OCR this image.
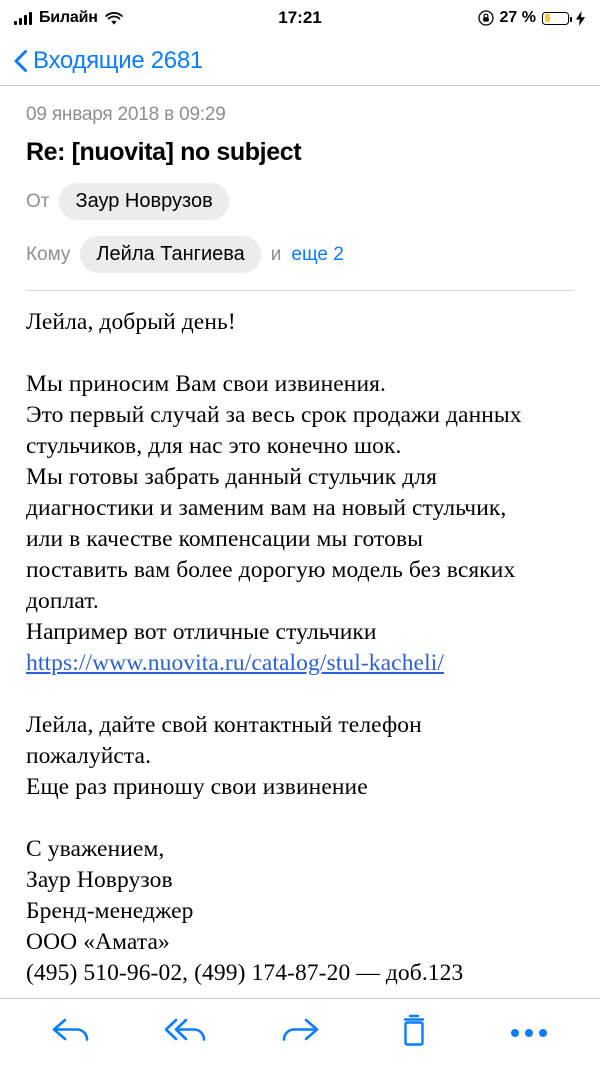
Билайн	17:21	27 %
Входящие 2681
09 января 2018 в 09:29
Re: [nuovita] no subject
От	Заур Новрузов
Кому	Лейла Тангиева	и еще 2

Лейла, добрый день!

Мы приносим Вам свои извинения.

Это первый случай за весь срок продажи данных

стульчиков, для нас это конечно шок.

Мы готовы забрать данный стульчик для

диагностики и заменим вам на новый стульчик,

или в качестве компенсации мы готовы

поставить вам более дорогую модель без всяких

доплат.

Например вот отличные стульчики

https://www.nuovita.ru/catalog/stul-kacheli/

Лейла, дайте свой контактный телефон

пожалуйста.

Еще раз приношу свои извинение

С уважением,

Заур Новрузов

Бренд-менеджер

ООО «Амата»

(495) 510-96-02, (499) 174-87-20 — доб.123
